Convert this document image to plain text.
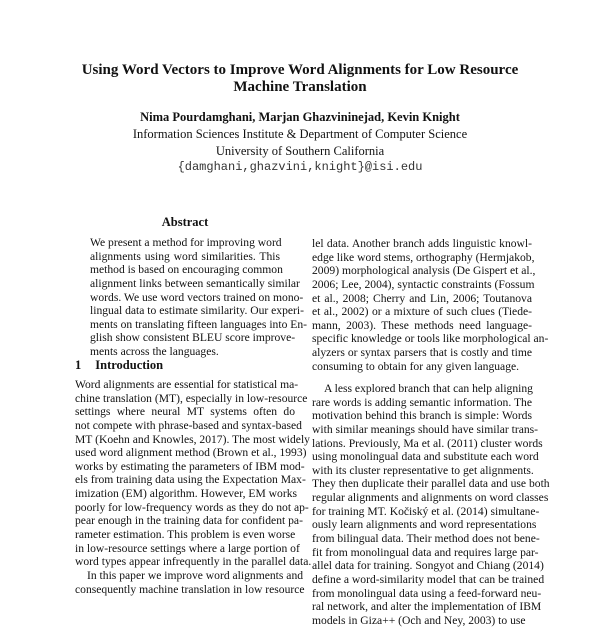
Using Word Vectors to Improve Word Alignments for Low Resource
Machine Translation
Nima Pourdamghani, Marjan Ghazvininejad, Kevin Knight
Information Sciences Institute & Department of Computer Science
University of Southern California
{damghani,ghazvini,knight}@isi.edu
Abstract
We present a method for improving word
alignments using word similarities. This
method is based on encouraging common
alignment links between semantically similar
words. We use word vectors trained on mono-
lingual data to estimate similarity. Our experi-
ments on translating fifteen languages into En-
glish show consistent BLEU score improve-
ments across the languages.
1 Introduction
Word alignments are essential for statistical ma-
chine translation (MT), especially in low-resource
settings where neural MT systems often do
not compete with phrase-based and syntax-based
MT (Koehn and Knowles, 2017). The most widely
used word alignment method (Brown et al., 1993)
works by estimating the parameters of IBM mod-
els from training data using the Expectation Max-
imization (EM) algorithm. However, EM works
poorly for low-frequency words as they do not ap-
pear enough in the training data for confident pa-
rameter estimation. This problem is even worse
in low-resource settings where a large portion of
word types appear infrequently in the parallel data.
In this paper we improve word alignments and
consequently machine translation in low resource
lel data. Another branch adds linguistic knowl-
edge like word stems, orthography (Hermjakob,
2009) morphological analysis (De Gispert et al.,
2006; Lee, 2004), syntactic constraints (Fossum
et al., 2008; Cherry and Lin, 2006; Toutanova
et al., 2002) or a mixture of such clues (Tiede-
mann, 2003). These methods need language-
specific knowledge or tools like morphological an-
alyzers or syntax parsers that is costly and time
consuming to obtain for any given language.
A less explored branch that can help aligning
rare words is adding semantic information. The
motivation behind this branch is simple: Words
with similar meanings should have similar trans-
lations. Previously, Ma et al. (2011) cluster words
using monolingual data and substitute each word
with its cluster representative to get alignments.
They then duplicate their parallel data and use both
regular alignments and alignments on word classes
for training MT. Kočiský et al. (2014) simultane-
ously learn alignments and word representations
from bilingual data. Their method does not bene-
fit from monolingual data and requires large par-
allel data for training. Songyot and Chiang (2014)
define a word-similarity model that can be trained
from monolingual data using a feed-forward neu-
ral network, and alter the implementation of IBM
models in Giza++ (Och and Ney, 2003) to use
